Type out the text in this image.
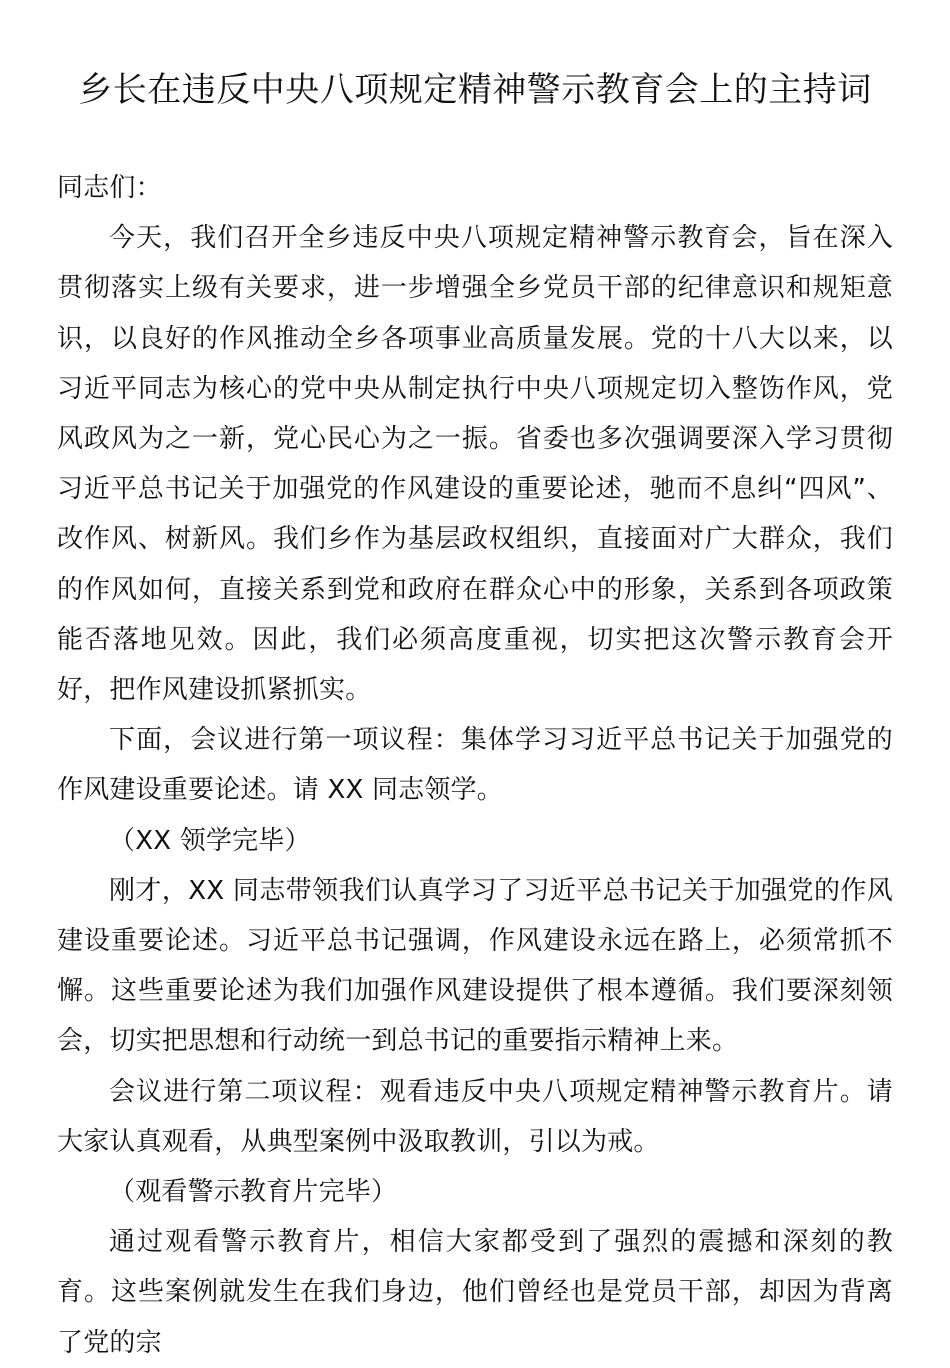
乡长在违反中央八项规定精神警示教育会上的主持词

同志们：

今天，我们召开全乡违反中央八项规定精神警示教育会，旨在深入贯彻落实上级有关要求，进一步增强全乡党员干部的纪律意识和规矩意识，以良好的作风推动全乡各项事业高质量发展。党的十八大以来，以习近平同志为核心的党中央从制定执行中央八项规定切入整饬作风，党风政风为之一新，党心民心为之一振。省委也多次强调要深入学习贯彻习近平总书记关于加强党的作风建设的重要论述，驰而不息纠“四风”、改作风、树新风。我们乡作为基层政权组织，直接面对广大群众，我们的作风如何，直接关系到党和政府在群众心中的形象，关系到各项政策能否落地见效。因此，我们必须高度重视，切实把这次警示教育会开好，把作风建设抓紧抓实。

下面，会议进行第一项议程：集体学习习近平总书记关于加强党的作风建设重要论述。请 XX 同志领学。

（XX 领学完毕）

刚才，XX 同志带领我们认真学习了习近平总书记关于加强党的作风建设重要论述。习近平总书记强调，作风建设永远在路上，必须常抓不懈。这些重要论述为我们加强作风建设提供了根本遵循。我们要深刻领会，切实把思想和行动统一到总书记的重要指示精神上来。

会议进行第二项议程：观看违反中央八项规定精神警示教育片。请大家认真观看，从典型案例中汲取教训，引以为戒。

（观看警示教育片完毕）

通过观看警示教育片，相信大家都受到了强烈的震撼和深刻的教育。这些案例就发生在我们身边，他们曾经也是党员干部，却因为背离了党的宗
